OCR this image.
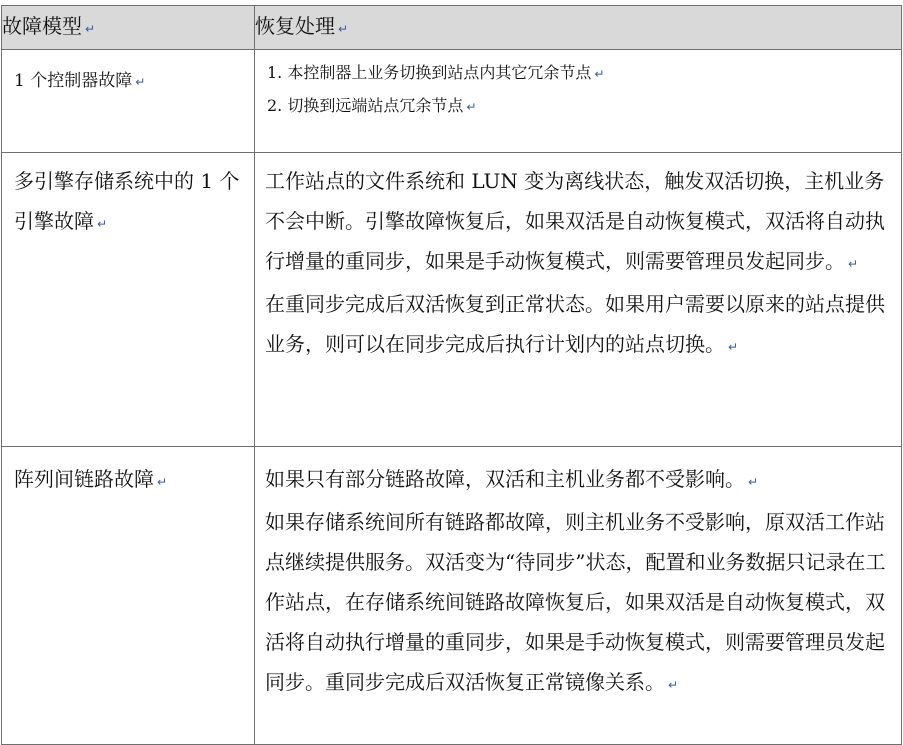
故障模型 ↵	恢复处理 ↵
1 个控制器故障 ↵	1. 本控制器上业务切换到站点内其它冗余节点 ↵
2. 切换到远端站点冗余节点 ↵

多引擎存储系统中的 1 个引擎故障 ↵	工作站点的文件系统和 LUN 变为离线状态，触发双活切换，主机业务不会中断。引擎故障恢复后，如果双活是自动恢复模式，双活将自动执行增量的重同步，如果是手动恢复模式，则需要管理员发起同步。 ↵

在重同步完成后双活恢复到正常状态。如果用户需要以原来的站点提供业务，则可以在同步完成后执行计划内的站点切换。 ↵

阵列间链路故障 ↵	如果只有部分链路故障，双活和主机业务都不受影响。 ↵

如果存储系统间所有链路都故障，则主机业务不受影响，原双活工作站点继续提供服务。双活变为“待同步”状态，配置和业务数据只记录在工作站点，在存储系统间链路故障恢复后，如果双活是自动恢复模式，双活将自动执行增量的重同步，如果是手动恢复模式，则需要管理员发起同步。重同步完成后双活恢复正常镜像关系。 ↵
